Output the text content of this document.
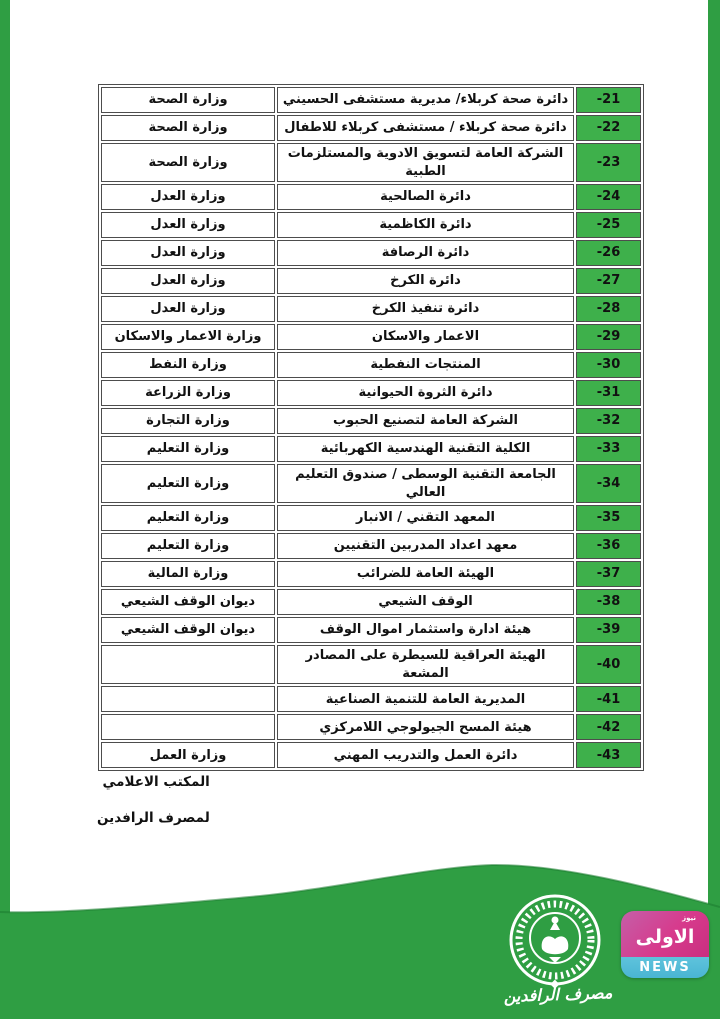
-21	دائرة صحة كربلاء/ مديرية مستشفى الحسيني	وزارة الصحة
-22	دائرة صحة كربلاء / مستشفى كربلاء للاطفال	وزارة الصحة
-23	الشركة العامة لتسويق الادوية والمستلزمات الطبية	وزارة الصحة
-24	دائرة الصالحية	وزارة العدل
-25	دائرة الكاظمية	وزارة العدل
-26	دائرة الرصافة	وزارة العدل
-27	دائرة الكرخ	وزارة العدل
-28	دائرة تنفيذ الكرخ	وزارة العدل
-29	الاعمار والاسكان	وزارة الاعمار والاسكان
-30	المنتجات النفطية	وزارة النفط
-31	دائرة الثروة الحيوانية	وزارة الزراعة
-32	الشركة العامة لتصنيع الحبوب	وزارة التجارة
-33	الكلية التقنية الهندسية الكهربائية	وزارة التعليم
-34	الجامعة التقنية الوسطى / صندوق التعليم العالي	وزارة التعليم
-35	المعهد التقني / الانبار	وزارة التعليم
-36	معهد اعداد المدربين التقنيين	وزارة التعليم
-37	الهيئة العامة للضرائب	وزارة المالية
-38	الوقف الشيعي	ديوان الوقف الشيعي
-39	هيئة ادارة واستثمار اموال الوقف	ديوان الوقف الشيعي
-40	الهيئة العراقية للسيطرة على المصادر المشعة	
-41	المديرية العامة للتنمية الصناعية	
-42	هيئة المسح الجيولوجي اللامركزي	
-43	دائرة العمل والتدريب المهني	وزارة العمل
المكتب الاعلامي
لمصرف الرافدين
مصرف الرافدين
نيوز
الاولى
NEWS
